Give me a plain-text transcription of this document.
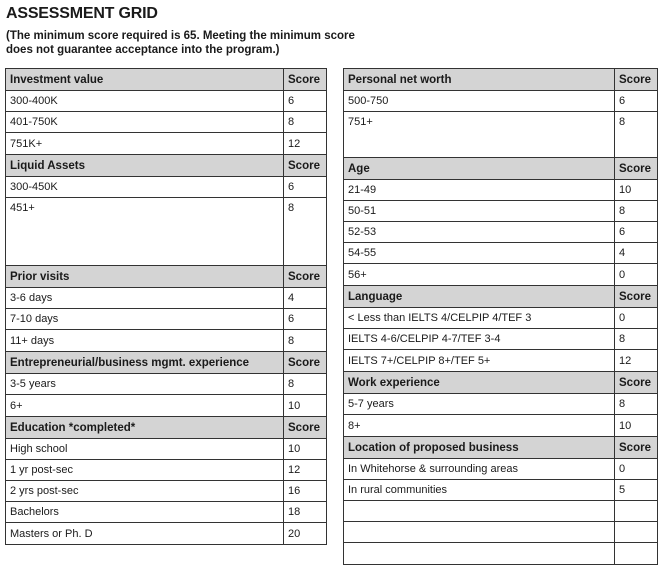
ASSESSMENT GRID
(The minimum score required is 65. Meeting the minimum score does not guarantee acceptance into the program.)
Investment value	Score
300-400K	6
401-750K	8
751K+	12
Liquid Assets	Score
300-450K	6
451+	8
Prior visits	Score
3-6 days	4
7-10 days	6
11+ days	8
Entrepreneurial/business mgmt. experience	Score
3-5 years	8
6+	10
Education *completed*	Score
High school	10
1 yr post-sec	12
2 yrs post-sec	16
Bachelors	18
Masters or Ph. D	20
Personal net worth	Score
500-750	6
751+	8
Age	Score
21-49	10
50-51	8
52-53	6
54-55	4
56+	0
Language	Score
< Less than IELTS 4/CELPIP 4/TEF 3	0
IELTS 4-6/CELPIP 4-7/TEF 3-4	8
IELTS 7+/CELPIP 8+/TEF 5+	12
Work experience	Score
5-7 years	8
8+	10
Location of proposed business	Score
In Whitehorse & surrounding areas	0
In rural communities	5
